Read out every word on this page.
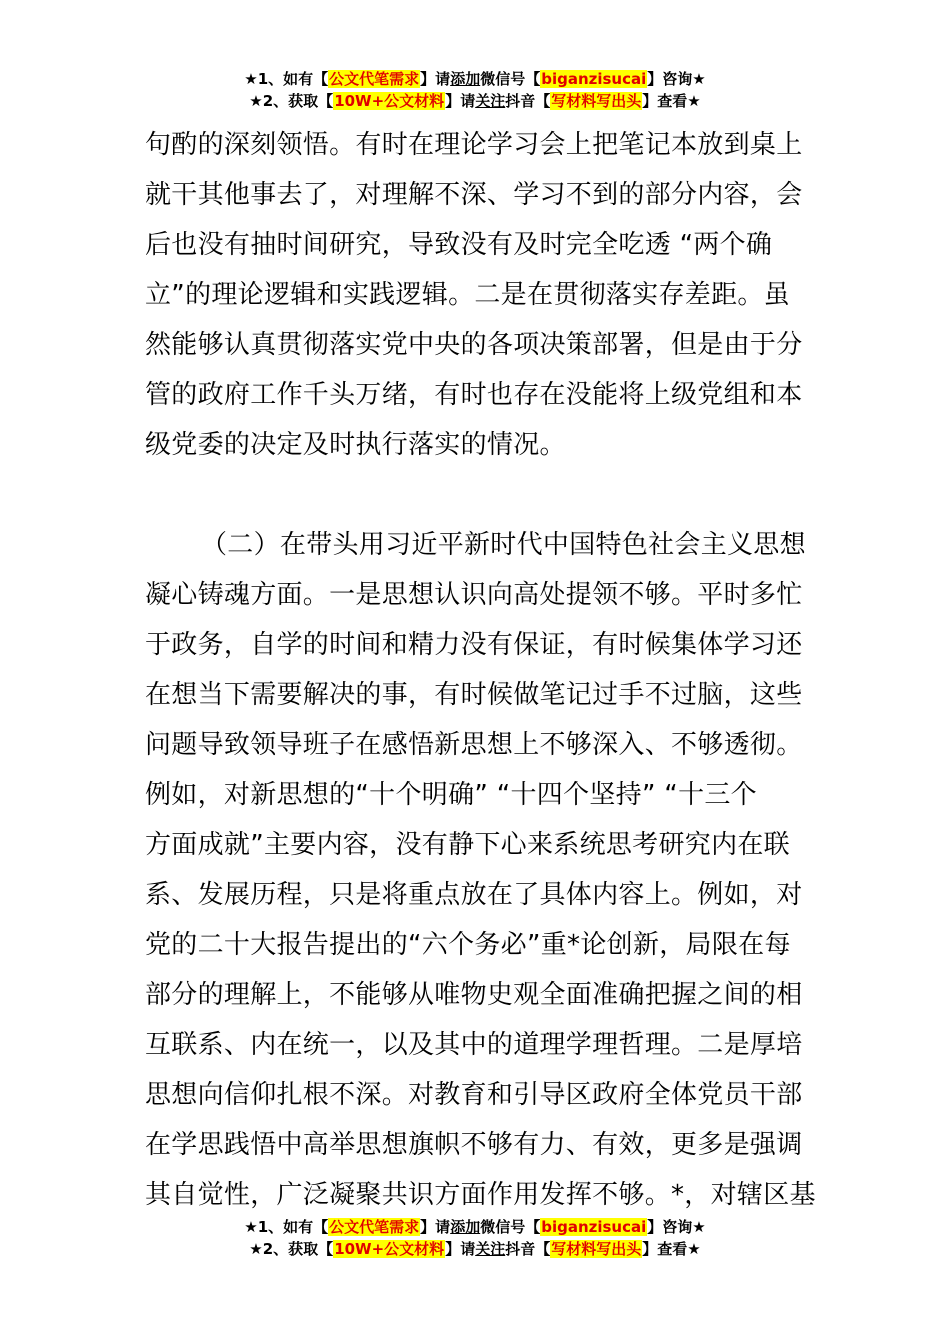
★1、如有【公文代笔需求】请添加微信号【biganzisucai】咨询★
★2、获取【10W+公文材料】请关注抖音【写材料写出头】查看★
句酌的深刻领悟。有时在理论学习会上把笔记本放到桌上
就干其他事去了，对理解不深、学习不到的部分内容，会
后也没有抽时间研究，导致没有及时完全吃透 “两个确
立”的理论逻辑和实践逻辑。二是在贯彻落实存差距。虽
然能够认真贯彻落实党中央的各项决策部署，但是由于分
管的政府工作千头万绪，有时也存在没能将上级党组和本
级党委的决定及时执行落实的情况。
（二）在带头用习近平新时代中国特色社会主义思想
凝心铸魂方面。一是思想认识向高处提领不够。平时多忙
于政务，自学的时间和精力没有保证，有时候集体学习还
在想当下需要解决的事，有时候做笔记过手不过脑，这些
问题导致领导班子在感悟新思想上不够深入、不够透彻。
例如，对新思想的“十个明确” “十四个坚持” “十三个
方面成就”主要内容，没有静下心来系统思考研究内在联
系、发展历程，只是将重点放在了具体内容上。例如，对
党的二十大报告提出的“六个务必”重*论创新，局限在每
部分的理解上，不能够从唯物史观全面准确把握之间的相
互联系、内在统一，以及其中的道理学理哲理。二是厚培
思想向信仰扎根不深。对教育和引导区政府全体党员干部
在学思践悟中高举思想旗帜不够有力、有效，更多是强调
其自觉性，广泛凝聚共识方面作用发挥不够。*，对辖区基
★1、如有【公文代笔需求】请添加微信号【biganzisucai】咨询★
★2、获取【10W+公文材料】请关注抖音【写材料写出头】查看★
